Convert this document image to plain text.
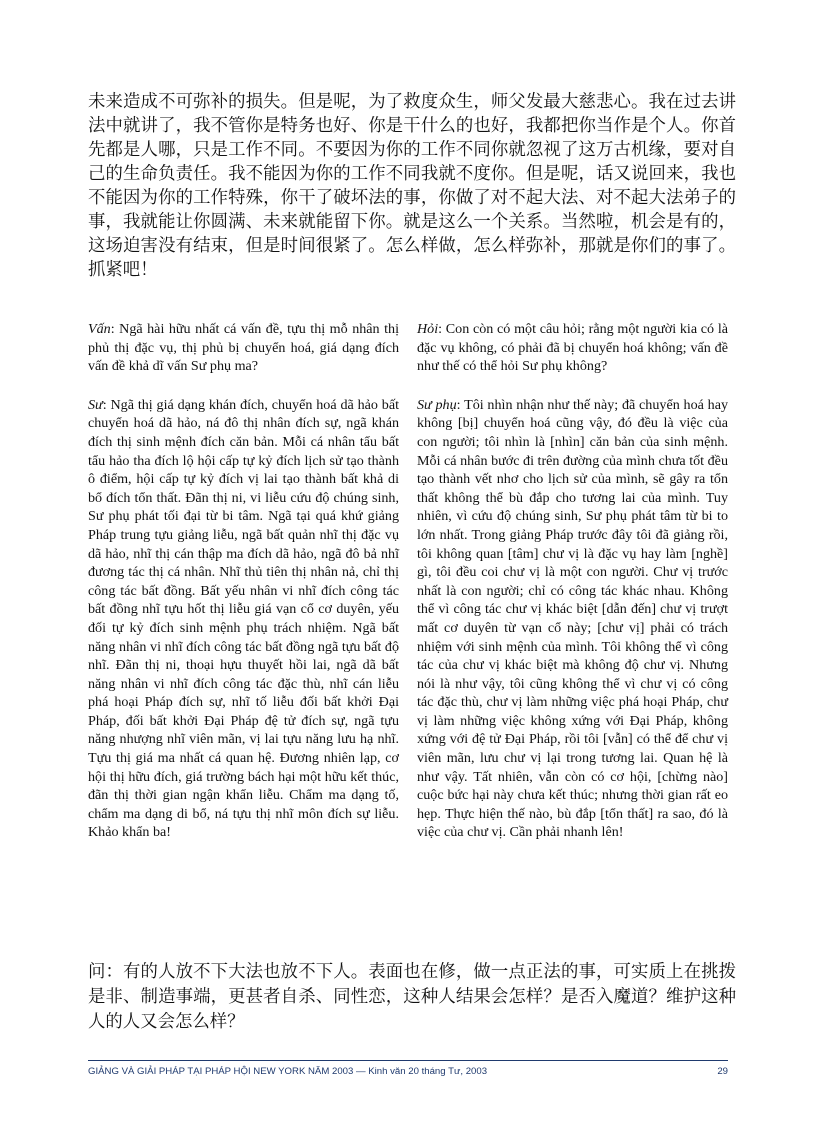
未来造成不可弥补的损失。但是呢，为了救度众生，师父发最大慈悲心。我在过去讲法中就讲了，我不管你是特务也好、你是干什么的也好，我都把你当作是个人。你首先都是人哪，只是工作不同。不要因为你的工作不同你就忽视了这万古机缘，要对自己的生命负责任。我不能因为你的工作不同我就不度你。但是呢，话又说回来，我也不能因为你的工作特殊，你干了破坏法的事，你做了对不起大法、对不起大法弟子的事，我就能让你圆满、未来就能留下你。就是这么一个关系。当然啦，机会是有的，这场迫害没有结束，但是时间很紧了。怎么样做，怎么样弥补，那就是你们的事了。抓紧吧！

Vấn: Ngã hài hữu nhất cá vấn đề, tựu thị mỗ nhân thị phủ thị đặc vụ, thị phủ bị chuyển hoá, giá dạng đích vấn đề khả dĩ vấn Sư phụ ma?

Sư: Ngã thị giá dạng khán đích, chuyển hoá dã hảo bất chuyển hoá dã hảo, ná đô thị nhân đích sự, ngã khán đích thị sinh mệnh đích căn bản. Mỗi cá nhân tẩu bất tẩu hảo tha đích lộ hội cấp tự kỷ đích lịch sử tạo thành ô điểm, hội cấp tự kỷ đích vị lai tạo thành bất khả di bổ đích tổn thất. Đãn thị ni, vi liễu cứu độ chúng sinh, Sư phụ phát tối đại từ bi tâm. Ngã tại quá khứ giảng Pháp trung tựu giảng liễu, ngã bất quản nhĩ thị đặc vụ dã hảo, nhĩ thị cán thập ma đích dã hảo, ngã đô bả nhĩ đương tác thị cá nhân. Nhĩ thủ tiên thị nhân nả, chỉ thị công tác bất đồng. Bất yếu nhân vi nhĩ đích công tác bất đồng nhĩ tựu hốt thị liễu giá vạn cổ cơ duyên, yếu đối tự kỷ đích sinh mệnh phụ trách nhiệm. Ngã bất năng nhân vi nhĩ đích công tác bất đồng ngã tựu bất độ nhĩ. Đãn thị ni, thoại hựu thuyết hồi lai, ngã dã bất năng nhân vi nhĩ đích công tác đặc thù, nhĩ cán liễu phá hoại Pháp đích sự, nhĩ tố liễu đối bất khởi Đại Pháp, đối bất khởi Đại Pháp đệ tử đích sự, ngã tựu năng nhượng nhĩ viên mãn, vị lai tựu năng lưu hạ nhĩ. Tựu thị giá ma nhất cá quan hệ. Đương nhiên lạp, cơ hội thị hữu đích, giá trường bách hại một hữu kết thúc, đãn thị thời gian ngận khẩn liễu. Chẩm ma dạng tố, chẩm ma dạng di bổ, ná tựu thị nhĩ môn đích sự liễu. Khảo khẩn ba!

Hỏi: Con còn có một câu hỏi; rằng một người kia có là đặc vụ không, có phải đã bị chuyển hoá không; vấn đề như thế có thể hỏi Sư phụ không?

Sư phụ: Tôi nhìn nhận như thế này; đã chuyển hoá hay không [bị] chuyển hoá cũng vậy, đó đều là việc của con người; tôi nhìn là [nhìn] căn bản của sinh mệnh. Mỗi cá nhân bước đi trên đường của mình chưa tốt đều tạo thành vết nhơ cho lịch sử của mình, sẽ gây ra tổn thất không thể bù đắp cho tương lai của mình. Tuy nhiên, vì cứu độ chúng sinh, Sư phụ phát tâm từ bi to lớn nhất. Trong giảng Pháp trước đây tôi đã giảng rồi, tôi không quan [tâm] chư vị là đặc vụ hay làm [nghề] gì, tôi đều coi chư vị là một con người. Chư vị trước nhất là con người; chỉ có công tác khác nhau. Không thể vì công tác chư vị khác biệt [dẫn đến] chư vị trượt mất cơ duyên từ vạn cổ này; [chư vị] phải có trách nhiệm với sinh mệnh của mình. Tôi không thể vì công tác của chư vị khác biệt mà không độ chư vị. Nhưng nói là như vậy, tôi cũng không thể vì chư vị có công tác đặc thù, chư vị làm những việc phá hoại Pháp, chư vị làm những việc không xứng với Đại Pháp, không xứng với đệ tử Đại Pháp, rồi tôi [vẫn] có thể để chư vị viên mãn, lưu chư vị lại trong tương lai. Quan hệ là như vậy. Tất nhiên, vẫn còn có cơ hội, [chừng nào] cuộc bức hại này chưa kết thúc; nhưng thời gian rất eo hẹp. Thực hiện thế nào, bù đắp [tổn thất] ra sao, đó là việc của chư vị. Cần phải nhanh lên!

问：有的人放不下大法也放不下人。表面也在修，做一点正法的事，可实质上在挑拨是非、制造事端，更甚者自杀、同性恋，这种人结果会怎样？是否入魔道？维护这种人的人又会怎么样？
GIẢNG VÀ GIẢI PHÁP TẠI PHÁP HỘI NEW YORK NĂM 2003 — Kinh văn 20 tháng Tư, 2003	29
